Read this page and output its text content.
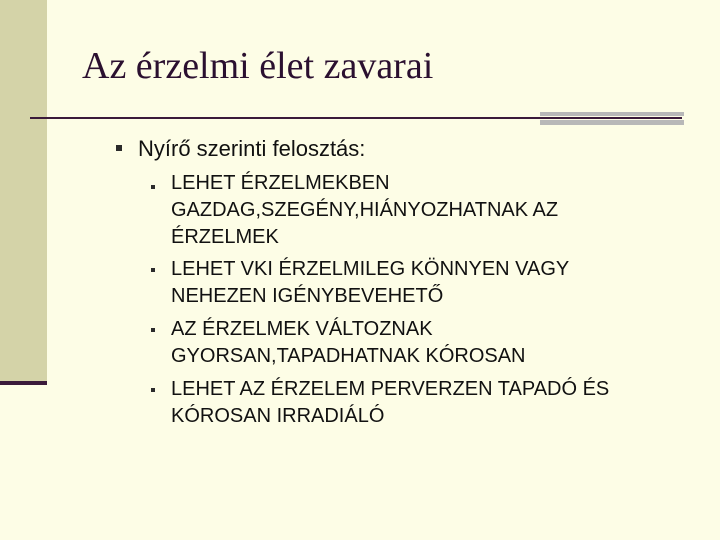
Az érzelmi élet zavarai
Nyírő szerinti felosztás:
LEHET ÉRZELMEKBEN GAZDAG,SZEGÉNY,HIÁNYOZHATNAK AZ ÉRZELMEK
LEHET VKI ÉRZELMILEG KÖNNYEN VAGY NEHEZEN IGÉNYBEVEHETŐ
AZ ÉRZELMEK VÁLTOZNAK GYORSAN,TAPADHATNAK KÓROSAN
LEHET AZ ÉRZELEM PERVERZEN TAPADÓ ÉS KÓROSAN IRRADIÁLÓ
